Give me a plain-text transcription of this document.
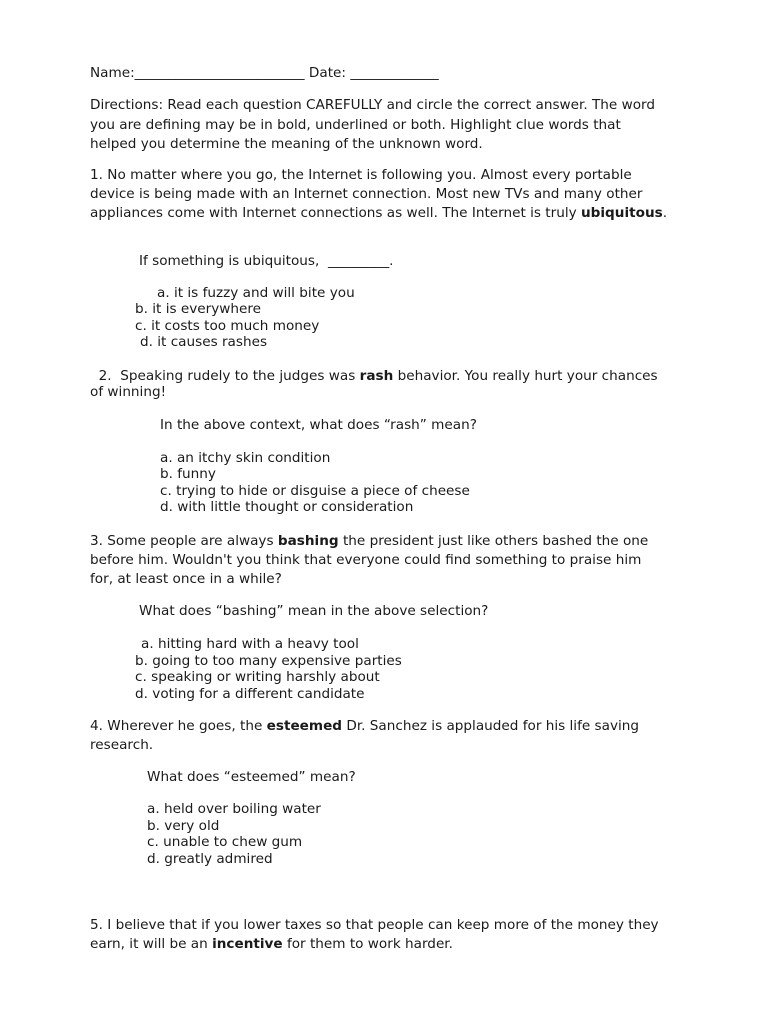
Name:_________________________ Date: _____________
Directions: Read each question CAREFULLY and circle the correct answer. The word
you are defining may be in bold, underlined or both. Highlight clue words that
helped you determine the meaning of the unknown word.
1. No matter where you go, the Internet is following you. Almost every portable
device is being made with an Internet connection. Most new TVs and many other
appliances come with Internet connections as well. The Internet is truly ubiquitous.
If something is ubiquitous,  _________.
a. it is fuzzy and will bite you
b. it is everywhere
c. it costs too much money
d. it causes rashes
2.  Speaking rudely to the judges was rash behavior. You really hurt your chances
of winning!
In the above context, what does “rash” mean?
a. an itchy skin condition
b. funny
c. trying to hide or disguise a piece of cheese
d. with little thought or consideration
3. Some people are always bashing the president just like others bashed the one
before him. Wouldn't you think that everyone could find something to praise him
for, at least once in a while?
What does “bashing” mean in the above selection?
a. hitting hard with a heavy tool
b. going to too many expensive parties
c. speaking or writing harshly about
d. voting for a different candidate
4. Wherever he goes, the esteemed Dr. Sanchez is applauded for his life saving
research.
What does “esteemed” mean?
a. held over boiling water
b. very old
c. unable to chew gum
d. greatly admired
5. I believe that if you lower taxes so that people can keep more of the money they
earn, it will be an incentive for them to work harder.
